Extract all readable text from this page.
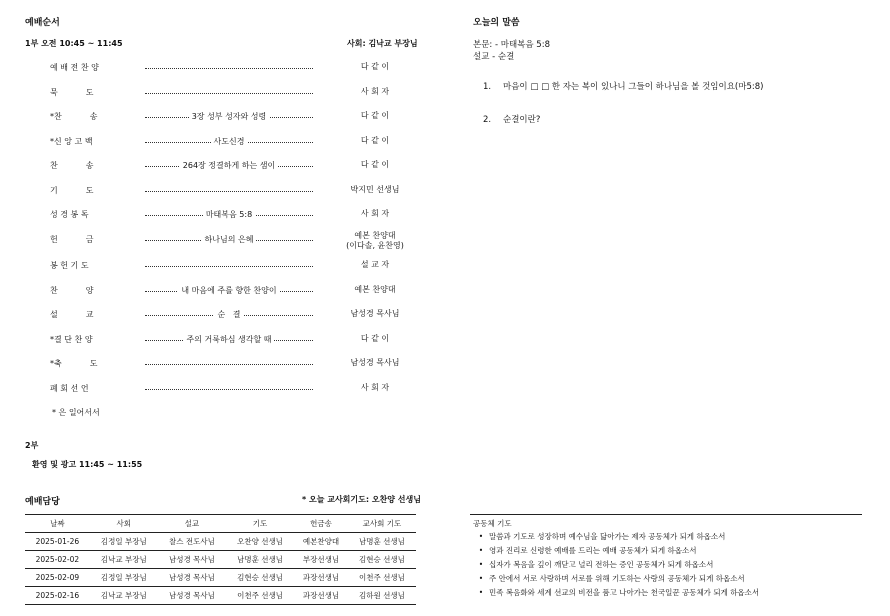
예배순서
1부 오전 10:45 ~ 11:45	사회: 김낙교 부장님
예 배 전 찬 양	다 같 이
묵           도	사 회 자
*찬           송	3장 성부 성자와 성령	다 같 이
*신 앙 고 백	사도신경	다 같 이
찬           송	264장 정결하게 하는 샘이	다 같 이
기           도	박지민 선생님
성 경 봉 독	마태복음 5:8	사 회 자
헌           금	하나님의 은혜	예본 찬양대
(이다솔, 윤찬영)
봉 헌 기 도	설 교 자
찬           양	내 마음에 주를 향한 찬양이	예본 찬양대
설           교	순   결	남성경 목사님
*결 단 찬 양	주의 거룩하심 생각할 때	다 같 이
*축           도	남성경 목사님
폐 회 선 언	사 회 자
* 은 일어서서
2부
환영 및 광고 11:45 ~ 11:55
예배담당	* 오늘 교사회기도: 오찬양 선생님
날짜	사회	설교	기도	헌금송	교사회 기도
2025-01-26	김정일 부장님	찰스 전도사님	오찬양 선생님	예본찬양대	남명훈 선생님
2025-02-02	김낙교 부장님	남성경 목사님	남명훈 선생님	부장선생님	김현승 선생님
2025-02-09	김정일 부장님	남성경 목사님	김현승 선생님	과장선생님	이천주 선생님
2025-02-16	김낙교 부장님	남성경 목사님	이천주 선생님	과장선생님	김하원 선생님
오늘의 말씀
본문: - 마태복음 5:8
설교 - 순결
1. 마음이 □ □ 한 자는 복이 있나니 그들이 하나님을 볼 것임이요(마5:8)
2. 순결이란?
공동체 기도
• 말씀과 기도로 성장하며 예수님을 닮아가는 제자 공동체가 되게 하옵소서
• 영과 진리로 신령한 예배를 드리는 예배 공동체가 되게 하옵소서
• 십자가 복음을 깊이 깨닫고 널리 전하는 증인 공동체가 되게 하옵소서
• 주 안에서 서로 사랑하며 서로를 위해 기도하는 사랑의 공동체가 되게 하옵소서
• 민족 복음화와 세계 선교의 비전을 품고 나아가는 천국일꾼 공동체가 되게 하옵소서
